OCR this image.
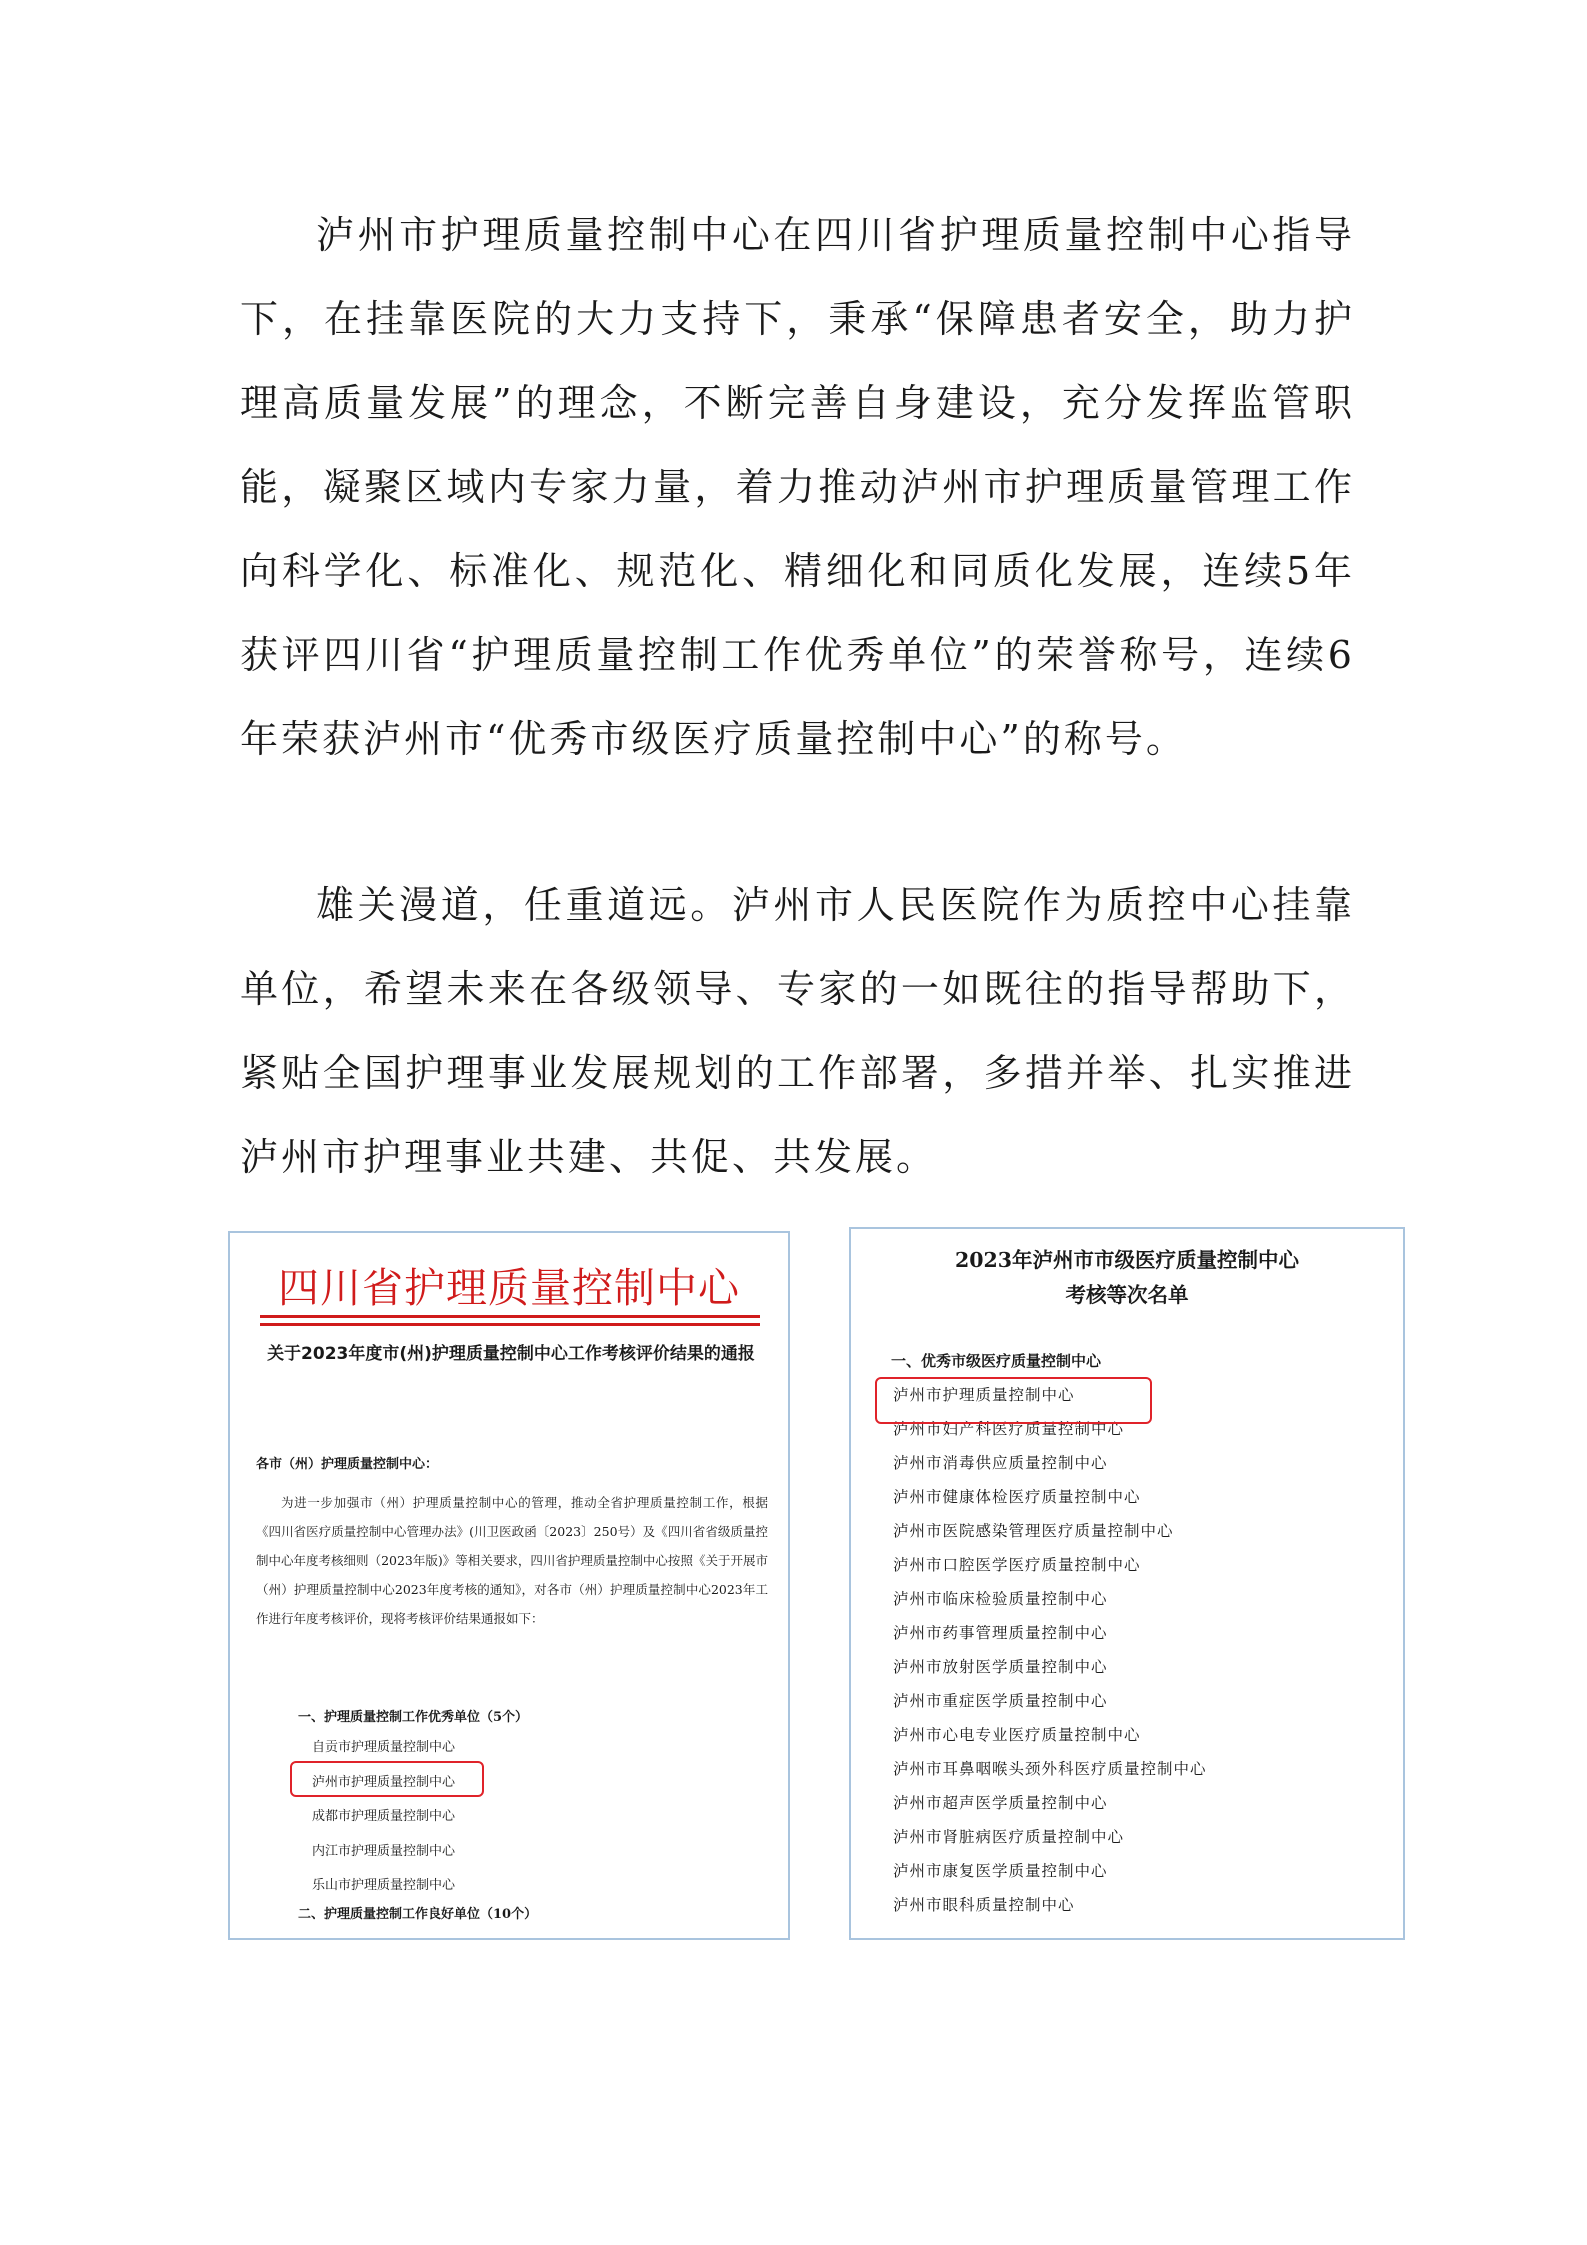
泸州市护理质量控制中心在四川省护理质量控制中心指导下，在挂靠医院的大力支持下，秉承“保障患者安全，助力护理高质量发展”的理念，不断完善自身建设，充分发挥监管职能，凝聚区域内专家力量，着力推动泸州市护理质量管理工作向科学化、标准化、规范化、精细化和同质化发展，连续5年获评四川省“护理质量控制工作优秀单位”的荣誉称号，连续6年荣获泸州市“优秀市级医疗质量控制中心”的称号。

雄关漫道，任重道远。泸州市人民医院作为质控中心挂靠单位，希望未来在各级领导、专家的一如既往的指导帮助下，紧贴全国护理事业发展规划的工作部署，多措并举、扎实推进泸州市护理事业共建、共促、共发展。

四川省护理质量控制中心
关于2023年度市(州)护理质量控制中心工作考核评价结果的通报
各市（州）护理质量控制中心：

为进一步加强市（州）护理质量控制中心的管理，推动全省护理质量控制工作，根据《四川省医疗质量控制中心管理办法》(川卫医政函〔2023〕250号）及《四川省省级质量控制中心年度考核细则（2023年版)》等相关要求，四川省护理质量控制中心按照《关于开展市（州）护理质量控制中心2023年度考核的通知》，对各市（州）护理质量控制中心2023年工作进行年度考核评价，现将考核评价结果通报如下：

一、护理质量控制工作优秀单位（5个）
自贡市护理质量控制中心
泸州市护理质量控制中心
成都市护理质量控制中心
内江市护理质量控制中心
乐山市护理质量控制中心
二、护理质量控制工作良好单位（10个）
2023年泸州市市级医疗质量控制中心
考核等次名单
一、优秀市级医疗质量控制中心
泸州市护理质量控制中心
泸州市妇产科医疗质量控制中心
泸州市消毒供应质量控制中心
泸州市健康体检医疗质量控制中心
泸州市医院感染管理医疗质量控制中心
泸州市口腔医学医疗质量控制中心
泸州市临床检验质量控制中心
泸州市药事管理质量控制中心
泸州市放射医学质量控制中心
泸州市重症医学质量控制中心
泸州市心电专业医疗质量控制中心
泸州市耳鼻咽喉头颈外科医疗质量控制中心
泸州市超声医学质量控制中心
泸州市肾脏病医疗质量控制中心
泸州市康复医学质量控制中心
泸州市眼科质量控制中心
